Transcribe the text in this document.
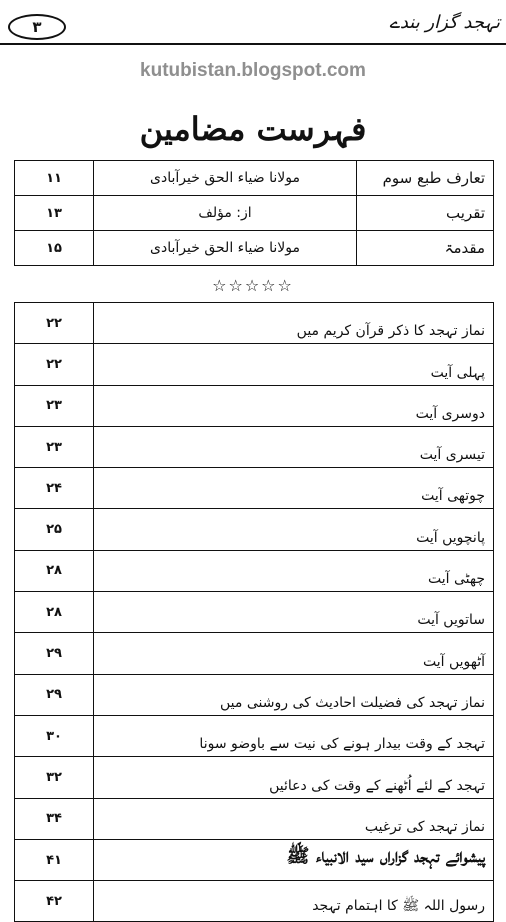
۳	تہجد گزار بندے
kutubistan.blogspot.com
فہرست مضامین
۱۱	مولانا ضیاء الحق خیرآبادی	تعارف طبع سوم
۱۳	از: مؤلف	تقریب
۱۵	مولانا ضیاء الحق خیرآبادی	مقدمۃ
☆☆☆☆☆
۲۲	نماز تہجد کا ذکر قرآن کریم میں
۲۲	پہلی آیت
۲۳	دوسری آیت
۲۳	تیسری آیت
۲۴	چوتھی آیت
۲۵	پانچویں آیت
۲۸	چھٹی آیت
۲۸	ساتویں آیت
۲۹	آٹھویں آیت
۲۹	نماز تہجد کی فضیلت احادیث کی روشنی میں
۳۰	تہجد کے وقت بیدار ہونے کی نیت سے باوضو سونا
۳۲	تہجد کے لئے اُٹھنے کے وقت کی دعائیں
۳۴	نماز تہجد کی ترغیب
۴۱	پیشوائے تہجد گزاراں سید الانبیاء ﷺ
۴۲	رسول اللہ ﷺ کا اہتمام تہجد
